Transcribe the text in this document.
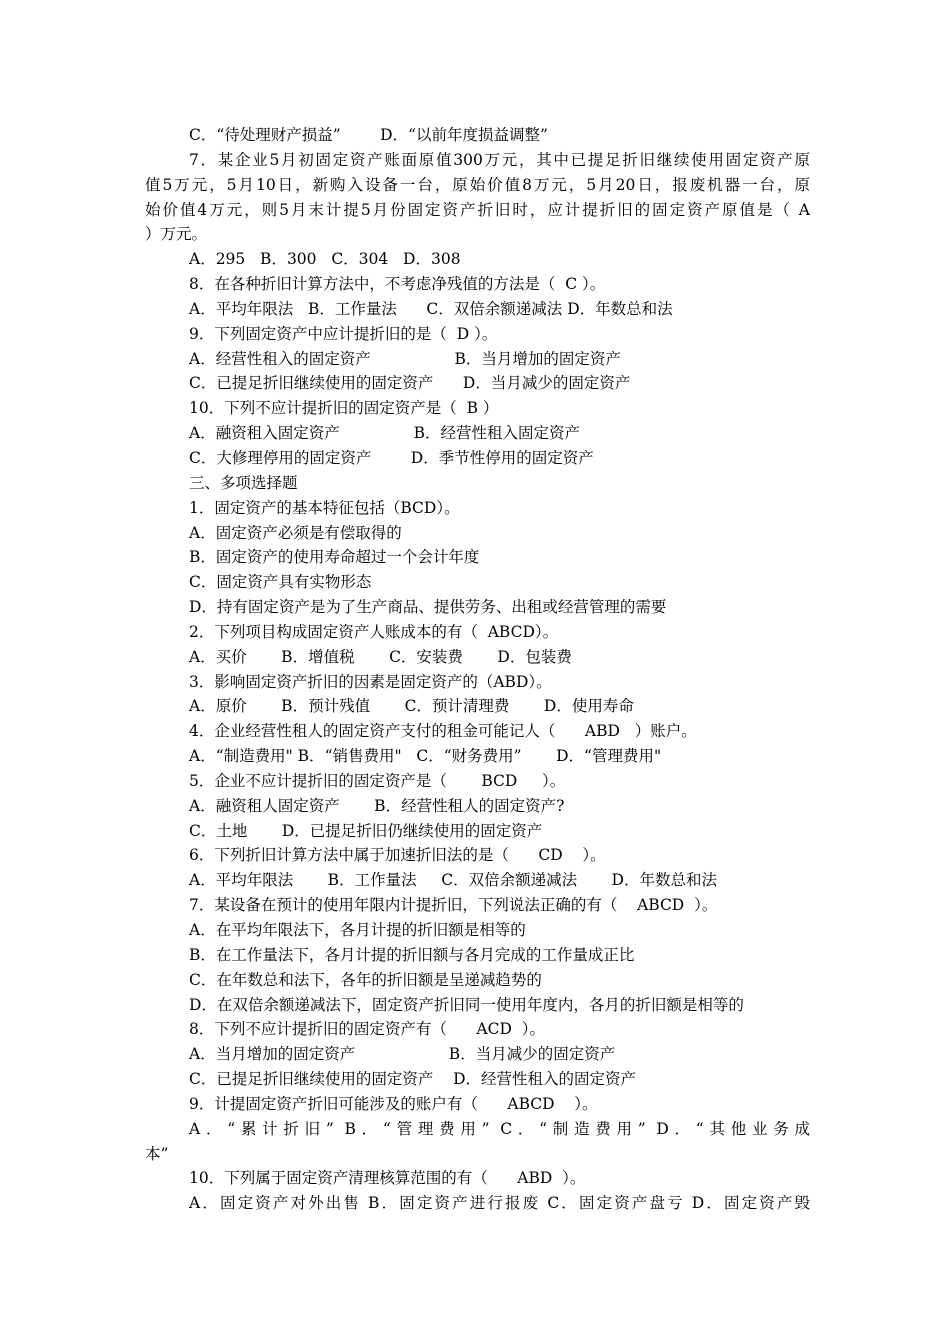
C．“待处理财产损益”        D．“以前年度损益调整”
7．某企业5月初固定资产账面原值300万元，其中已提足折旧继续使用固定资产原
值5万元，5月10日，新购入设备一台，原始价值8万元，5月20日，报废机器一台，原
始价值4万元，则5月末计提5月份固定资产折旧时，应计提折旧的固定资产原值是（ A
）万元。
A．295   B．300   C．304   D．308
8．在各种折旧计算方法中，不考虑净残值的方法是（  C ）。
A．平均年限法   B．工作量法      C．双倍余额递减法 D．年数总和法
9．下列固定资产中应计提折旧的是（  D ）。
A．经营性租入的固定资产                 B．当月增加的固定资产
C．已提足折旧继续使用的固定资产      D．当月减少的固定资产
10．下列不应计提折旧的固定资产是（  B ）
A．融资租入固定资产               B．经营性租入固定资产
C．大修理停用的固定资产        D．季节性停用的固定资产
三、多项选择题
1．固定资产的基本特征包括（BCD）。
A．固定资产必须是有偿取得的
B．固定资产的使用寿命超过一个会计年度
C．固定资产具有实物形态
D．持有固定资产是为了生产商品、提供劳务、出租或经营管理的需要
2．下列项目构成固定资产人账成本的有（  ABCD）。
A．买价       B．增值税       C．安装费       D．包装费
3．影响固定资产折旧的因素是固定资产的（ABD）。
A．原价       B．预计残值       C．预计清理费       D．使用寿命
4．企业经营性租人的固定资产支付的租金可能记人（      ABD   ）账户。
A．“制造费用" B．“销售费用"   C．“财务费用”       D．“管理费用"
5．企业不应计提折旧的固定资产是（       BCD     ）。
A．融资租人固定资产       B．经营性租人的固定资产?
C．土地       D．已提足折旧仍继续使用的固定资产
6．下列折旧计算方法中属于加速折旧法的是（      CD    ）。
A．平均年限法       B．工作量法     C．双倍余额递减法       D．年数总和法
7．某设备在预计的使用年限内计提折旧，下列说法正确的有（    ABCD  ）。
A．在平均年限法下，各月计提的折旧额是相等的
B．在工作量法下，各月计提的折旧额与各月完成的工作量成正比
C．在年数总和法下，各年的折旧额是呈递减趋势的
D．在双倍余额递减法下，固定资产折旧同一使用年度内，各月的折旧额是相等的
8．下列不应计提折旧的固定资产有（      ACD  ）。
A．当月增加的固定资产                   B．当月减少的固定资产
C．已提足折旧继续使用的固定资产    D．经营性租入的固定资产
9．计提固定资产折旧可能涉及的账户有（      ABCD    ）。
A．“累计折旧” B．“管理费用” C．“制造费用” D．“其他业务成
本”
10．下列属于固定资产清理核算范围的有（      ABD  ）。
A．固定资产对外出售 B．固定资产进行报废 C．固定资产盘亏 D．固定资产毁
